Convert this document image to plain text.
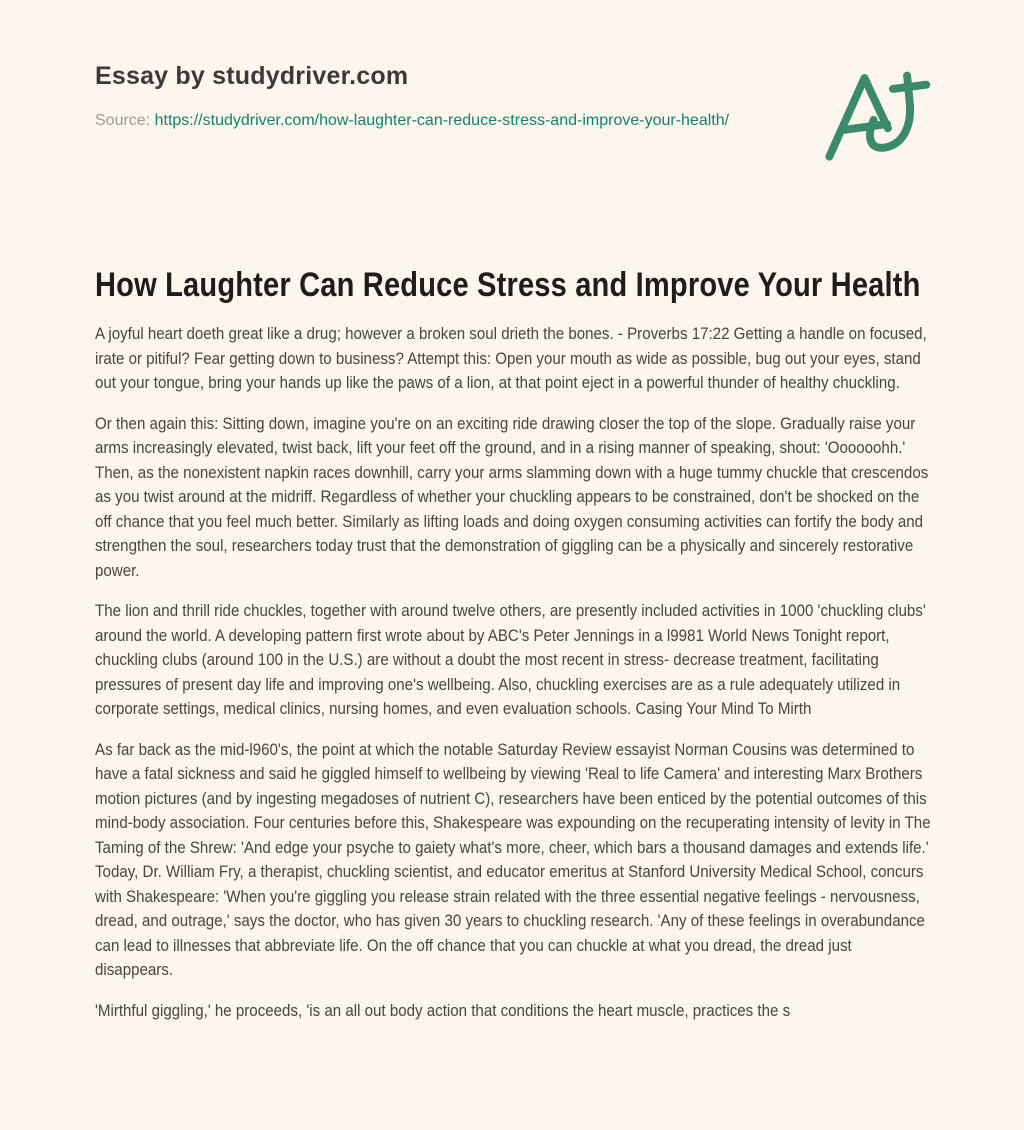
Essay by studydriver.com
Source: https://studydriver.com/how-laughter-can-reduce-stress-and-improve-your-health/
How Laughter Can Reduce Stress and Improve Your Health

A joyful heart doeth great like a drug; however a broken soul drieth the bones. - Proverbs 17:22 Getting a handle on focused, irate or pitiful? Fear getting down to business? Attempt this: Open your mouth as wide as possible, bug out your eyes, stand out your tongue, bring your hands up like the paws of a lion, at that point eject in a powerful thunder of healthy chuckling.

Or then again this: Sitting down, imagine you're on an exciting ride drawing closer the top of the slope. Gradually raise your arms increasingly elevated, twist back, lift your feet off the ground, and in a rising manner of speaking, shout: 'Oooooohh.' Then, as the nonexistent napkin races downhill, carry your arms slamming down with a huge tummy chuckle that crescendos as you twist around at the midriff. Regardless of whether your chuckling appears to be constrained, don't be shocked on the off chance that you feel much better. Similarly as lifting loads and doing oxygen consuming activities can fortify the body and strengthen the soul, researchers today trust that the demonstration of giggling can be a physically and sincerely restorative power.

The lion and thrill ride chuckles, together with around twelve others, are presently included activities in 1000 'chuckling clubs' around the world. A developing pattern first wrote about by ABC's Peter Jennings in a l9981 World News Tonight report, chuckling clubs (around 100 in the U.S.) are without a doubt the most recent in stress- decrease treatment, facilitating pressures of present day life and improving one's wellbeing. Also, chuckling exercises are as a rule adequately utilized in corporate settings, medical clinics, nursing homes, and even evaluation schools. Casing Your Mind To Mirth

As far back as the mid-l960's, the point at which the notable Saturday Review essayist Norman Cousins was determined to have a fatal sickness and said he giggled himself to wellbeing by viewing 'Real to life Camera' and interesting Marx Brothers motion pictures (and by ingesting megadoses of nutrient C), researchers have been enticed by the potential outcomes of this mind-body association. Four centuries before this, Shakespeare was expounding on the recuperating intensity of levity in The Taming of the Shrew: 'And edge your psyche to gaiety what's more, cheer, which bars a thousand damages and extends life.' Today, Dr. William Fry, a therapist, chuckling scientist, and educator emeritus at Stanford University Medical School, concurs with Shakespeare: 'When you're giggling you release strain related with the three essential negative feelings - nervousness, dread, and outrage,' says the doctor, who has given 30 years to chuckling research. 'Any of these feelings in overabundance can lead to illnesses that abbreviate life. On the off chance that you can chuckle at what you dread, the dread just disappears.

'Mirthful giggling,' he proceeds, 'is an all out body action that conditions the heart muscle, practices the s
